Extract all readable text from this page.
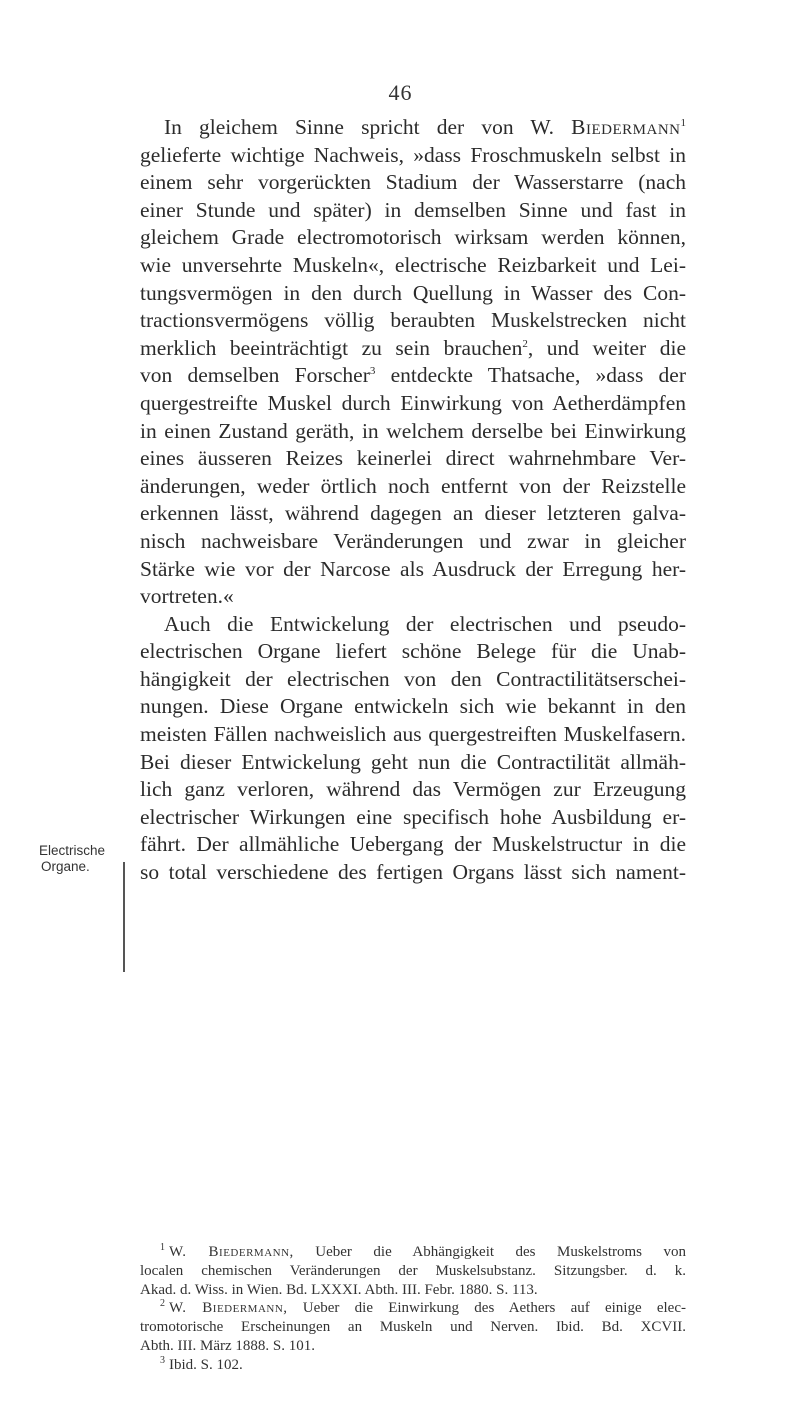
46
In gleichem Sinne spricht der von W. Biedermann$^1$
gelieferte wichtige Nachweis, »dass Froschmuskeln selbst in
einem sehr vorgerückten Stadium der Wasserstarre (nach
einer Stunde und später) in demselben Sinne und fast in
gleichem Grade electromotorisch wirksam werden können,
wie unversehrte Muskeln«, electrische Reizbarkeit und Lei-
tungsvermögen in den durch Quellung in Wasser des Con-
tractionsvermögens völlig beraubten Muskelstrecken nicht
merklich beeinträchtigt zu sein brauchen$^2$, und weiter die
von demselben Forscher$^3$ entdeckte Thatsache, »dass der
quergestreifte Muskel durch Einwirkung von Aetherdämpfen
in einen Zustand geräth, in welchem derselbe bei Einwirkung
eines äusseren Reizes keinerlei direct wahrnehmbare Ver-
änderungen, weder örtlich noch entfernt von der Reizstelle
erkennen lässt, während dagegen an dieser letzteren galva-
nisch nachweisbare Veränderungen und zwar in gleicher
Stärke wie vor der Narcose als Ausdruck der Erregung her-
vortreten.«
Auch die Entwickelung der electrischen und pseudo-
electrischen Organe liefert schöne Belege für die Unab-
hängigkeit der electrischen von den Contractilitätserschei-
nungen. Diese Organe entwickeln sich wie bekannt in den
meisten Fällen nachweislich aus quergestreiften Muskelfasern.
Bei dieser Entwickelung geht nun die Contractilität allmäh-
lich ganz verloren, während das Vermögen zur Erzeugung
electrischer Wirkungen eine specifisch hohe Ausbildung er-
fährt. Der allmähliche Uebergang der Muskelstructur in die
so total verschiedene des fertigen Organs lässt sich nament-
Electrische
Organe.
$^1$ W. Biedermann, Ueber die Abhängigkeit des Muskelstroms von
localen chemischen Veränderungen der Muskelsubstanz. Sitzungsber. d. k.
Akad. d. Wiss. in Wien. Bd. LXXXI. Abth. III. Febr. 1880. S. 113.
$^2$ W. Biedermann, Ueber die Einwirkung des Aethers auf einige elec-
tromotorische Erscheinungen an Muskeln und Nerven. Ibid. Bd. XCVII.
Abth. III. März 1888. S. 101.
$^3$ Ibid. S. 102.
